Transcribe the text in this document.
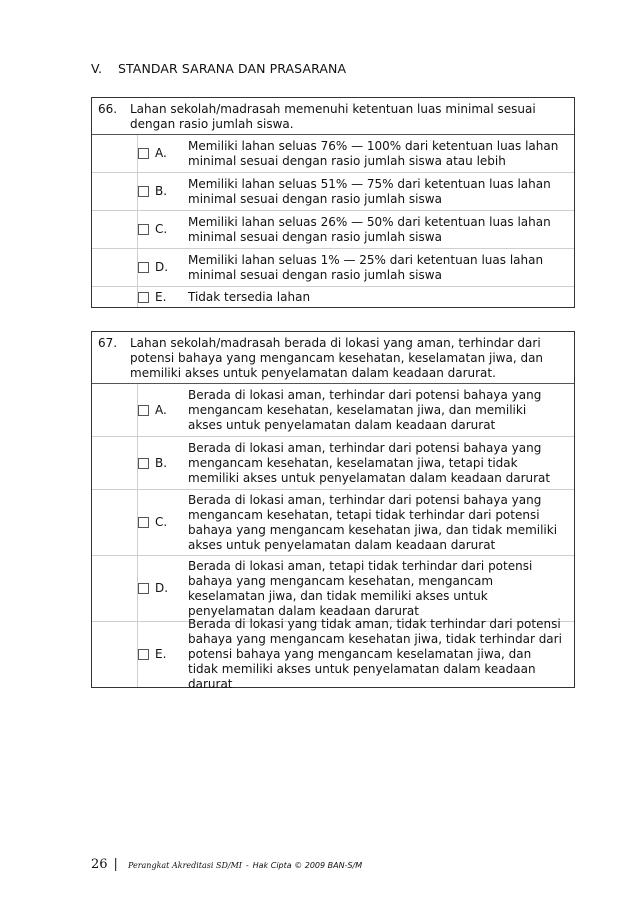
V. STANDAR SARANA DAN PRASARANA
66.	Lahan sekolah/madrasah memenuhi ketentuan luas minimal sesuai dengan rasio jumlah siswa.
A.
Memiliki lahan seluas 76% — 100% dari ketentuan luas lahan minimal sesuai dengan rasio jumlah siswa atau lebih
B.
Memiliki lahan seluas 51% — 75% dari ketentuan luas lahan minimal sesuai dengan rasio jumlah siswa
C.
Memiliki lahan seluas 26% — 50% dari ketentuan luas lahan minimal sesuai dengan rasio jumlah siswa
D.
Memiliki lahan seluas 1% — 25% dari ketentuan luas lahan minimal sesuai dengan rasio jumlah siswa
E. Tidak tersedia lahan
67.	Lahan sekolah/madrasah berada di lokasi yang aman, terhindar dari potensi bahaya yang mengancam kesehatan, keselamatan jiwa, dan memiliki akses untuk penyelamatan dalam keadaan darurat.
A.
Berada di lokasi aman, terhindar dari potensi bahaya yang mengancam kesehatan, keselamatan jiwa, dan memiliki akses untuk penyelamatan dalam keadaan darurat
B.
Berada di lokasi aman, terhindar dari potensi bahaya yang mengancam kesehatan, keselamatan jiwa, tetapi tidak memiliki akses untuk penyelamatan dalam keadaan darurat
C.
Berada di lokasi aman, terhindar dari potensi bahaya yang mengancam kesehatan, tetapi tidak terhindar dari potensi bahaya yang mengancam kesehatan jiwa, dan tidak memiliki akses untuk penyelamatan dalam keadaan darurat
D.
Berada di lokasi aman, tetapi tidak terhindar dari potensi bahaya yang mengancam kesehatan, mengancam keselamatan jiwa, dan tidak memiliki akses untuk penyelamatan dalam keadaan darurat
E.
Berada di lokasi yang tidak aman, tidak terhindar dari potensi bahaya yang mengancam kesehatan jiwa, tidak terhindar dari potensi bahaya yang mengancam keselamatan jiwa, dan tidak memiliki akses untuk penyelamatan dalam keadaan darurat
26 | Perangkat Akreditasi SD/MI - Hak Cipta © 2009 BAN-S/M
